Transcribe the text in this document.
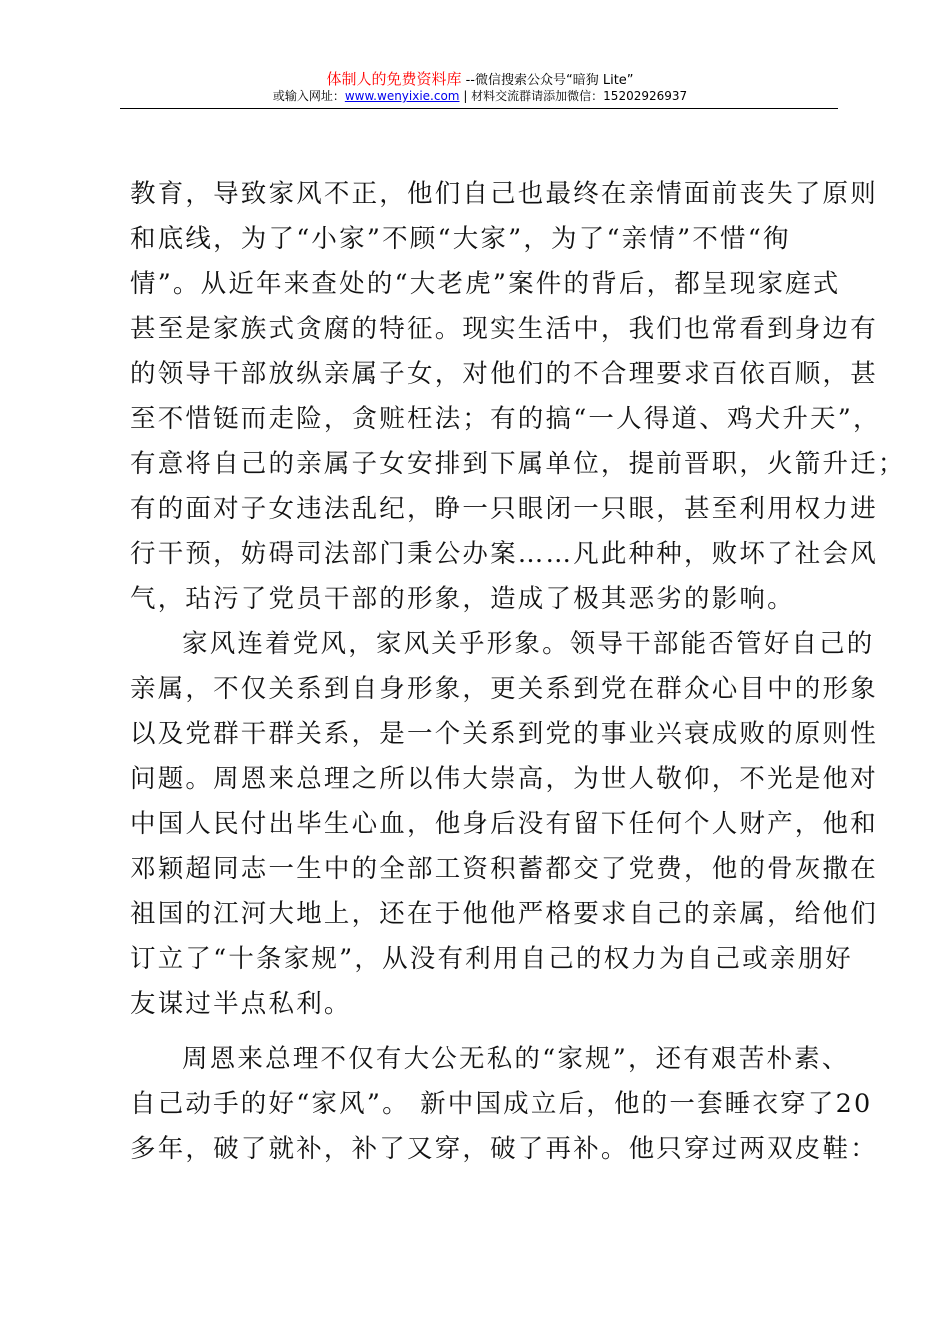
体制人的免费资料库 --微信搜索公众号“暗狗 Lite”
或输入网址：www.wenyixie.com | 材料交流群请添加微信：15202926937

教育，导致家风不正，他们自己也最终在亲情面前丧失了原则
和底线，为了“小家”不顾“大家”，为了“亲情”不惜“徇
情”。从近年来查处的“大老虎”案件的背后，都呈现家庭式
甚至是家族式贪腐的特征。现实生活中，我们也常看到身边有
的领导干部放纵亲属子女，对他们的不合理要求百依百顺，甚
至不惜铤而走险，贪赃枉法；有的搞“一人得道、鸡犬升天”，
有意将自己的亲属子女安排到下属单位，提前晋职，火箭升迁；
有的面对子女违法乱纪，睁一只眼闭一只眼，甚至利用权力进
行干预，妨碍司法部门秉公办案……凡此种种，败坏了社会风
气，玷污了党员干部的形象，造成了极其恶劣的影响。

家风连着党风，家风关乎形象。领导干部能否管好自己的
亲属，不仅关系到自身形象，更关系到党在群众心目中的形象
以及党群干群关系，是一个关系到党的事业兴衰成败的原则性
问题。周恩来总理之所以伟大崇高，为世人敬仰，不光是他对
中国人民付出毕生心血，他身后没有留下任何个人财产，他和
邓颖超同志一生中的全部工资积蓄都交了党费，他的骨灰撒在
祖国的江河大地上，还在于他他严格要求自己的亲属，给他们
订立了“十条家规”，从没有利用自己的权力为自己或亲朋好
友谋过半点私利。

周恩来总理不仅有大公无私的“家规”，还有艰苦朴素、
自己动手的好“家风”。 新中国成立后，他的一套睡衣穿了20
多年，破了就补，补了又穿，破了再补。他只穿过两双皮鞋：
